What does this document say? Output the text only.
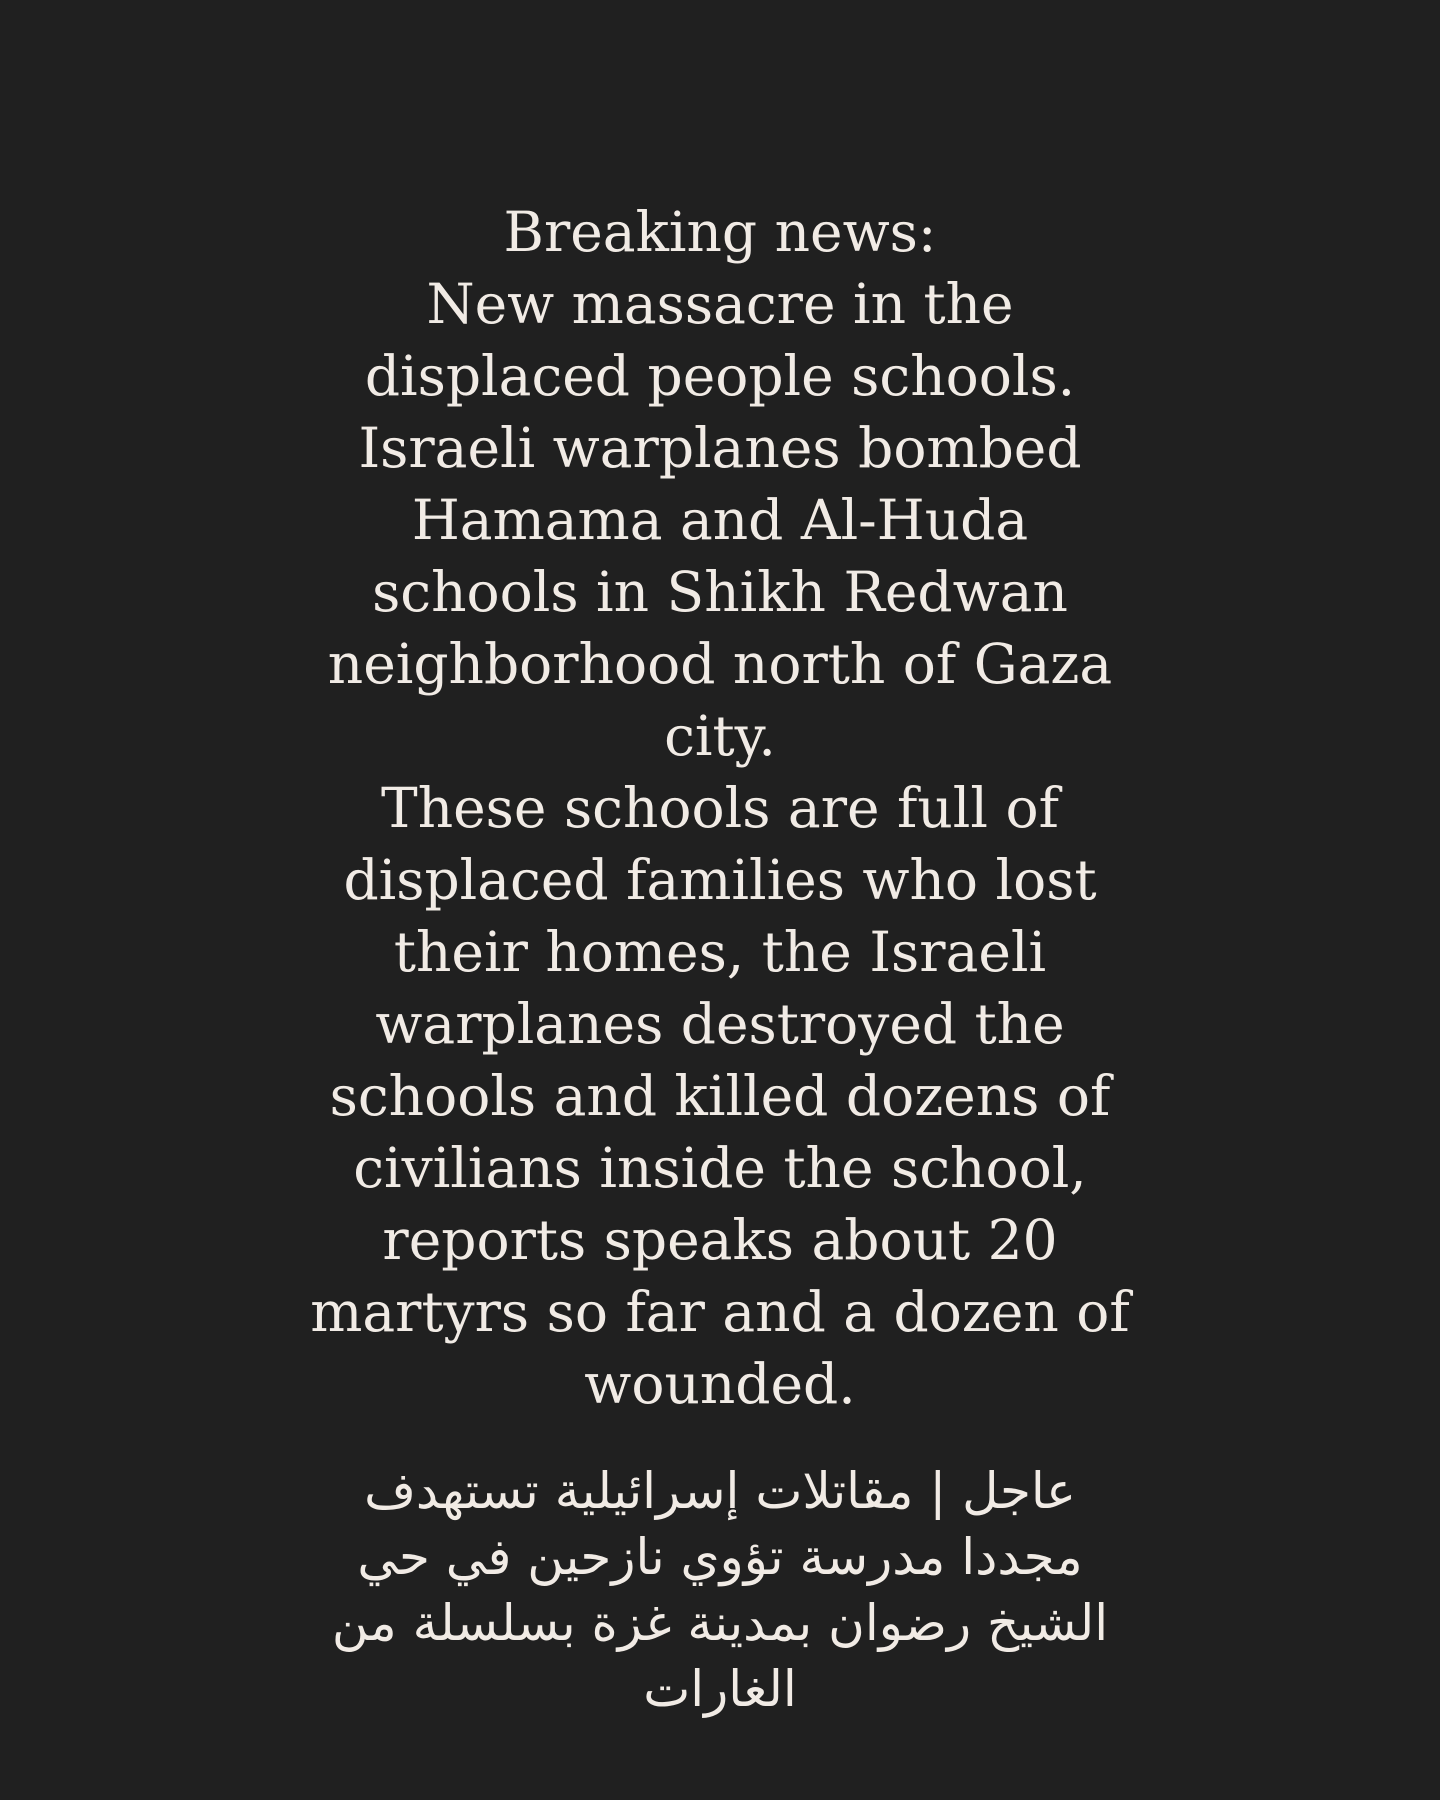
Breaking news:
New massacre in the
displaced people schools.
Israeli warplanes bombed
Hamama and Al-Huda
schools in Shikh Redwan
neighborhood north of Gaza
city.
These schools are full of
displaced families who lost
their homes, the Israeli
warplanes destroyed the
schools and killed dozens of
civilians inside the school,
reports speaks about 20
martyrs so far and a dozen of
wounded.
عاجل | مقاتلات إسرائيلية تستهدف
مجددا مدرسة تؤوي نازحين في حي
الشيخ رضوان بمدينة غزة بسلسلة من
الغارات
